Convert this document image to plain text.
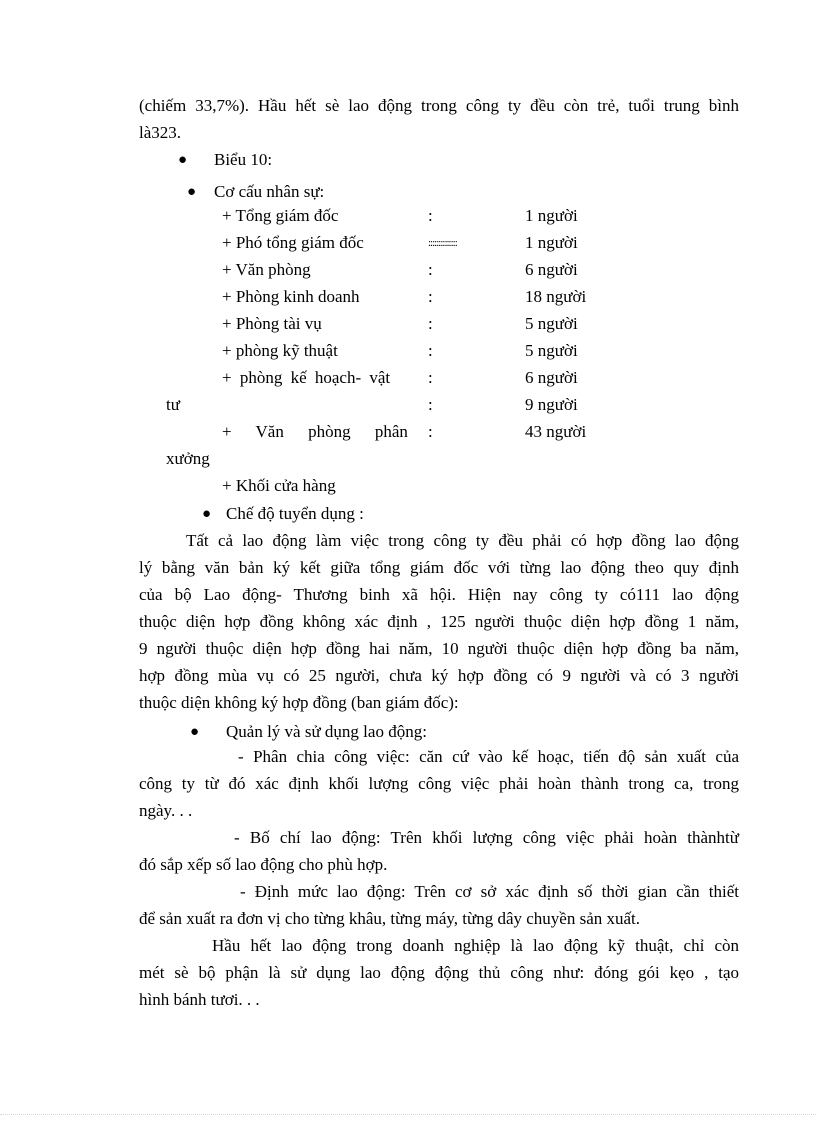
(chiếm 33,7%). Hầu hết sè lao động trong công ty đều còn trẻ, tuổi trung bình
là323.
● Biểu 10:
● Cơ cấu nhân sự:
+ Tổng giám đốc	:	1 người
+ Phó tổng giám đốc	::::::::::::::	1 người
+ Văn phòng	:	6 người
+ Phòng kinh doanh	:	18 người
+ Phòng tài vụ	:	5 người
+ phòng kỹ thuật	:	5 người
+ phòng kế hoạch- vật :	6 người
tư	:	9 người
+ Văn phòng phân :	43 người
xưởng
+ Khối cửa hàng
● Chế độ tuyển dụng :
Tất cả lao động làm việc trong công ty đều phải có hợp đồng lao động
lý bằng văn bản ký kết giữa tổng giám đốc với từng lao động theo quy định
của bộ Lao động- Thương binh xã hội. Hiện nay công ty có111 lao động
thuộc diện hợp đồng không xác định , 125 người thuộc diện hợp đồng 1 năm,
9 người thuộc diện hợp đồng hai năm, 10 người thuộc diện hợp đồng ba năm,
hợp đồng mùa vụ có 25 người, chưa ký hợp đồng có 9 người và có 3 người
thuộc diện không ký hợp đồng (ban giám đốc):
● Quản lý và sử dụng lao động:
- Phân chia công việc: căn cứ vào kế hoạc, tiến độ sản xuất của
công ty từ đó xác định khối lượng công việc phải hoàn thành trong ca, trong
ngày. . .
- Bố chí lao động: Trên khối lượng công việc phải hoàn thànhtừ
đó sắp xếp số lao động cho phù hợp.
- Định mức lao động: Trên cơ sở xác định số thời gian cần thiết
để sản xuất ra đơn vị cho từng khâu, từng máy, từng dây chuyền sản xuất.
Hầu hết lao động trong doanh nghiệp là lao động kỹ thuật, chỉ còn
mét sè bộ phận là sử dụng lao động động thủ công như: đóng gói kẹo , tạo
hình bánh tươi. . .
